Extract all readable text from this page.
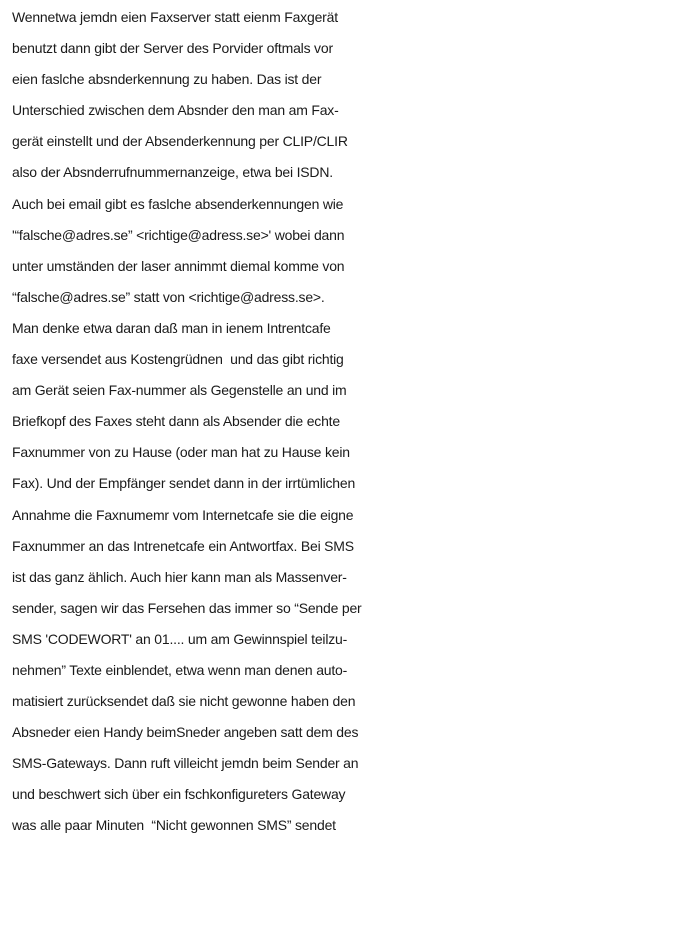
Wennetwa jemdn eien Faxserver statt eienm Faxgerät
benutzt dann gibt der Server des Porvider oftmals vor
eien faslche absnderkennung zu haben. Das ist der
Unterschied zwischen dem Absnder den man am Fax-
gerät einstellt und der Absenderkennung per CLIP/CLIR
also der Absnderrufnummernanzeige, etwa bei ISDN.
Auch bei email gibt es faslche absenderkennungen wie
'“falsche@adres.se” <richtige@adress.se>' wobei dann
unter umständen der laser annimmt diemal komme von
“falsche@adres.se” statt von <richtige@adress.se>.
Man denke etwa daran daß man in ienem Intrentcafe
faxe versendet aus Kostengrüdnen  und das gibt richtig
am Gerät seien Fax-nummer als Gegenstelle an und im
Briefkopf des Faxes steht dann als Absender die echte
Faxnummer von zu Hause (oder man hat zu Hause kein
Fax). Und der Empfänger sendet dann in der irrtümlichen
Annahme die Faxnumemr vom Internetcafe sie die eigne
Faxnummer an das Intrenetcafe ein Antwortfax. Bei SMS
ist das ganz ählich. Auch hier kann man als Massenver-
sender, sagen wir das Fersehen das immer so “Sende per
SMS 'CODEWORT' an 01.... um am Gewinnspiel teilzu-
nehmen” Texte einblendet, etwa wenn man denen auto-
matisiert zurücksendet daß sie nicht gewonne haben den
Absneder eien Handy beimSneder angeben satt dem des
SMS-Gateways. Dann ruft villeicht jemdn beim Sender an
und beschwert sich über ein fschkonfigureters Gateway
was alle paar Minuten  “Nicht gewonnen SMS” sendet
